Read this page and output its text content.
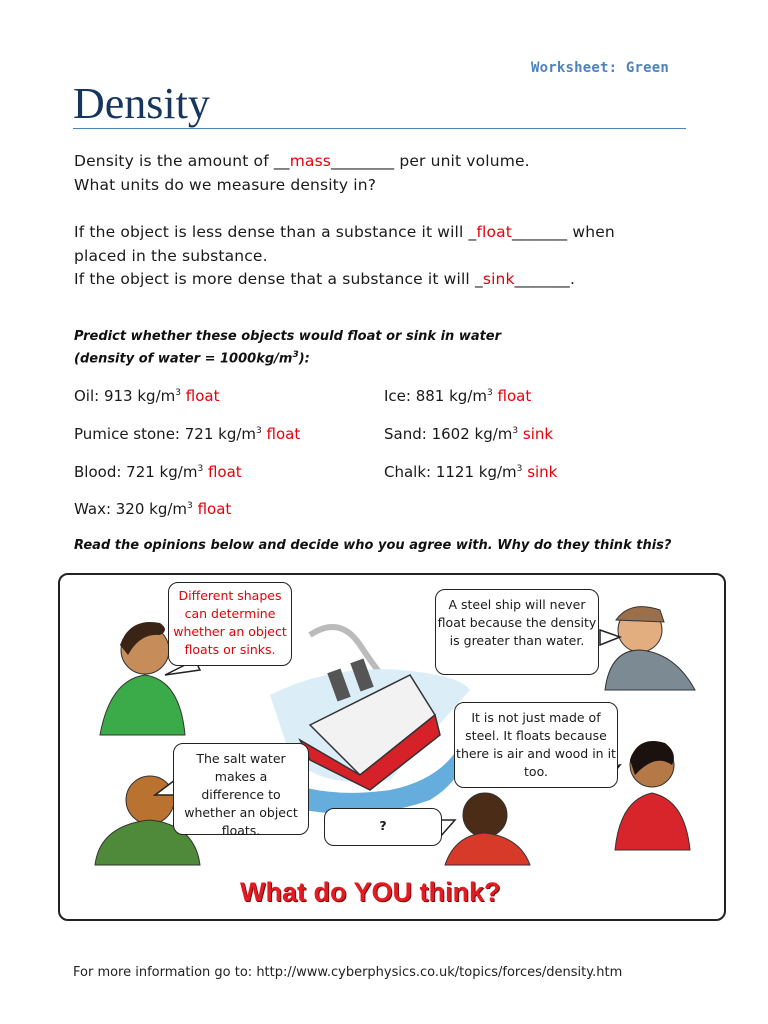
Worksheet: Green
Density
Density is the amount of __mass________ per unit volume.
What units do we measure density in?
If the object is less dense than a substance it will _float_______ when
placed in the substance.
If the object is more dense that a substance it will _sink_______.
Predict whether these objects would float or sink in water
(density of water = $1000kg/m^3$):
Oil: 913 $kg/m^3$ float	Ice: 881 $kg/m^3$ float
Pumice stone: 721 $kg/m^3$ float	Sand: 1602 $kg/m^3$ sink
Blood: 721 $kg/m^3$ float	Chalk: 1121 $kg/m^3$ sink
Wax: 320 $kg/m^3$ float
Read the opinions below and decide who you agree with. Why do they think this?
Different shapes can determine whether an object floats or sinks.
A steel ship will never float because the density is greater than water.
It is not just made of steel. It floats because there is air and wood in it too.
The salt water makes a difference to whether an object floats.	?
What do YOU think?
For more information go to: http://www.cyberphysics.co.uk/topics/forces/density.htm
